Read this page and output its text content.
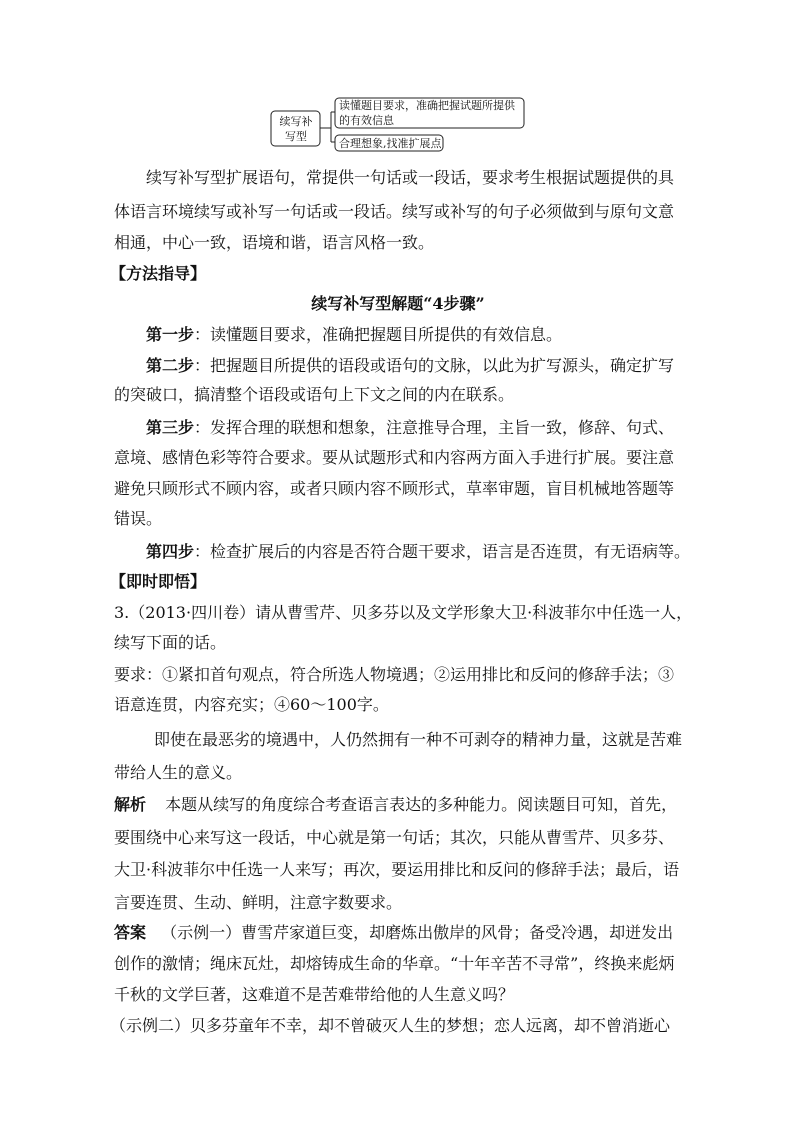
续写补
写型
读懂题目要求，准确把握试题所提供
的有效信息
合理想象,找准扩展点
续写补写型扩展语句，常提供一句话或一段话，要求考生根据试题提供的具
体语言环境续写或补写一句话或一段话。续写或补写的句子必须做到与原句文意
相通，中心一致，语境和谐，语言风格一致。
【方法指导】
续写补写型解题“4步骤”
第一步：读懂题目要求，准确把握题目所提供的有效信息。
第二步：把握题目所提供的语段或语句的文脉，以此为扩写源头，确定扩写
的突破口，搞清整个语段或语句上下文之间的内在联系。
第三步：发挥合理的联想和想象，注意推导合理，主旨一致，修辞、句式、
意境、感情色彩等符合要求。要从试题形式和内容两方面入手进行扩展。要注意
避免只顾形式不顾内容，或者只顾内容不顾形式，草率审题，盲目机械地答题等
错误。
第四步：检查扩展后的内容是否符合题干要求，语言是否连贯，有无语病等。
【即时即悟】
3.（2013·四川卷）请从曹雪芹、贝多芬以及文学形象大卫·科波菲尔中任选一人，
续写下面的话。
要求：①紧扣首句观点，符合所选人物境遇；②运用排比和反问的修辞手法；③
语意连贯，内容充实；④60～100字。
即使在最恶劣的境遇中，人仍然拥有一种不可剥夺的精神力量，这就是苦难
带给人生的意义。
解析 本题从续写的角度综合考查语言表达的多种能力。阅读题目可知，首先，
要围绕中心来写这一段话，中心就是第一句话；其次，只能从曹雪芹、贝多芬、
大卫·科波菲尔中任选一人来写；再次，要运用排比和反问的修辞手法；最后，语
言要连贯、生动、鲜明，注意字数要求。
答案 （示例一）曹雪芹家道巨变，却磨炼出傲岸的风骨；备受冷遇，却迸发出
创作的激情；绳床瓦灶，却熔铸成生命的华章。“十年辛苦不寻常”，终换来彪炳
千秋的文学巨著，这难道不是苦难带给他的人生意义吗？
（示例二）贝多芬童年不幸，却不曾破灭人生的梦想；恋人远离，却不曾消逝心
